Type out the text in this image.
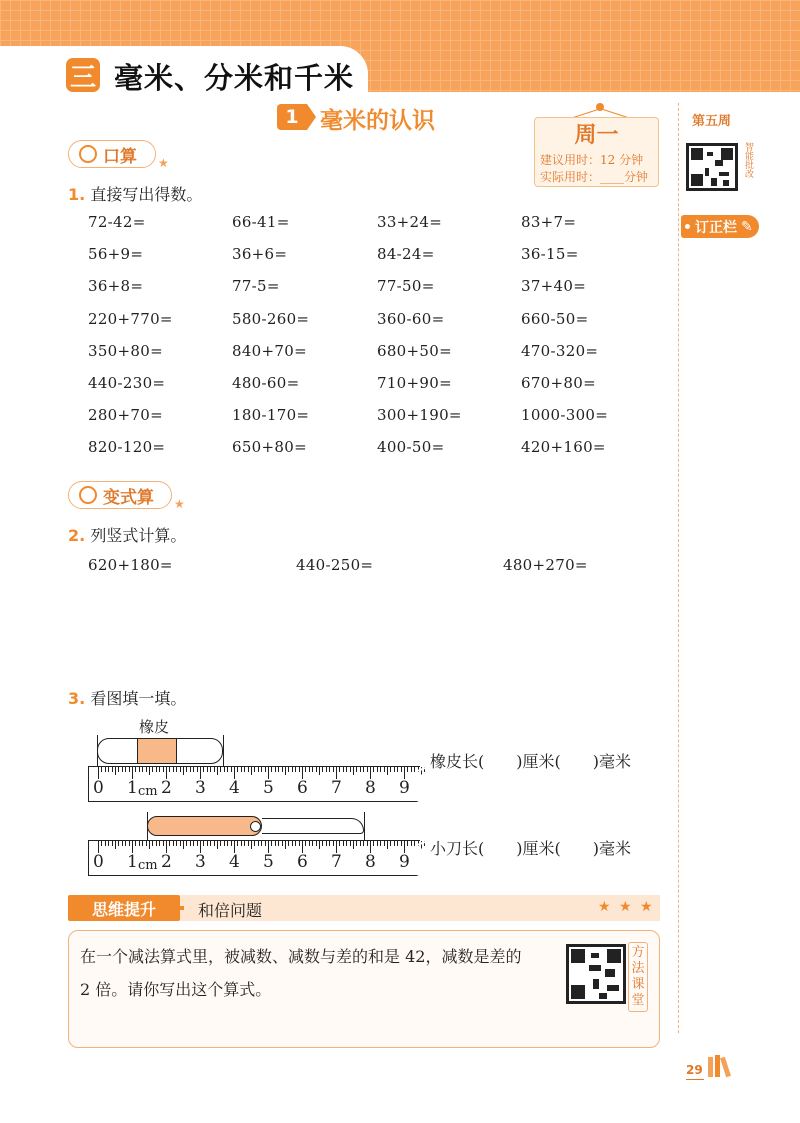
三 毫米、分米和千米
1 毫米的认识
周一
建议用时：12 分钟
实际用时：____分钟
第五周
智能批改
订正栏 ✎
口算 ★
1. 直接写出得数。
72-42=	66-41=	33+24=	83+7=
56+9=	36+6=	84-24=	36-15=
36+8=	77-5=	77-50=	37+40=
220+770=	580-260=	360-60=	660-50=
350+80=	840+70=	680+50=	470-320=
440-230=	480-60=	710+90=	670+80=
280+70=	180-170=	300+190=	1000-300=
820-120=	650+80=	400-50=	420+160=
变式算 ★
2. 列竖式计算。
620+180=	440-250=	480+270=
3. 看图填一填。
橡皮
0 1 2 3 4 5 6 7 8 9
cm
橡皮长(　　)厘米(　　)毫米
0 1 2 3 4 5 6 7 8 9
cm
小刀长(　　)厘米(　　)毫米
思维提升	和倍问题	★ ★ ★
在一个减法算式里，被减数、减数与差的和是 42，减数是差的
2 倍。请你写出这个算式。
方法课堂
29
